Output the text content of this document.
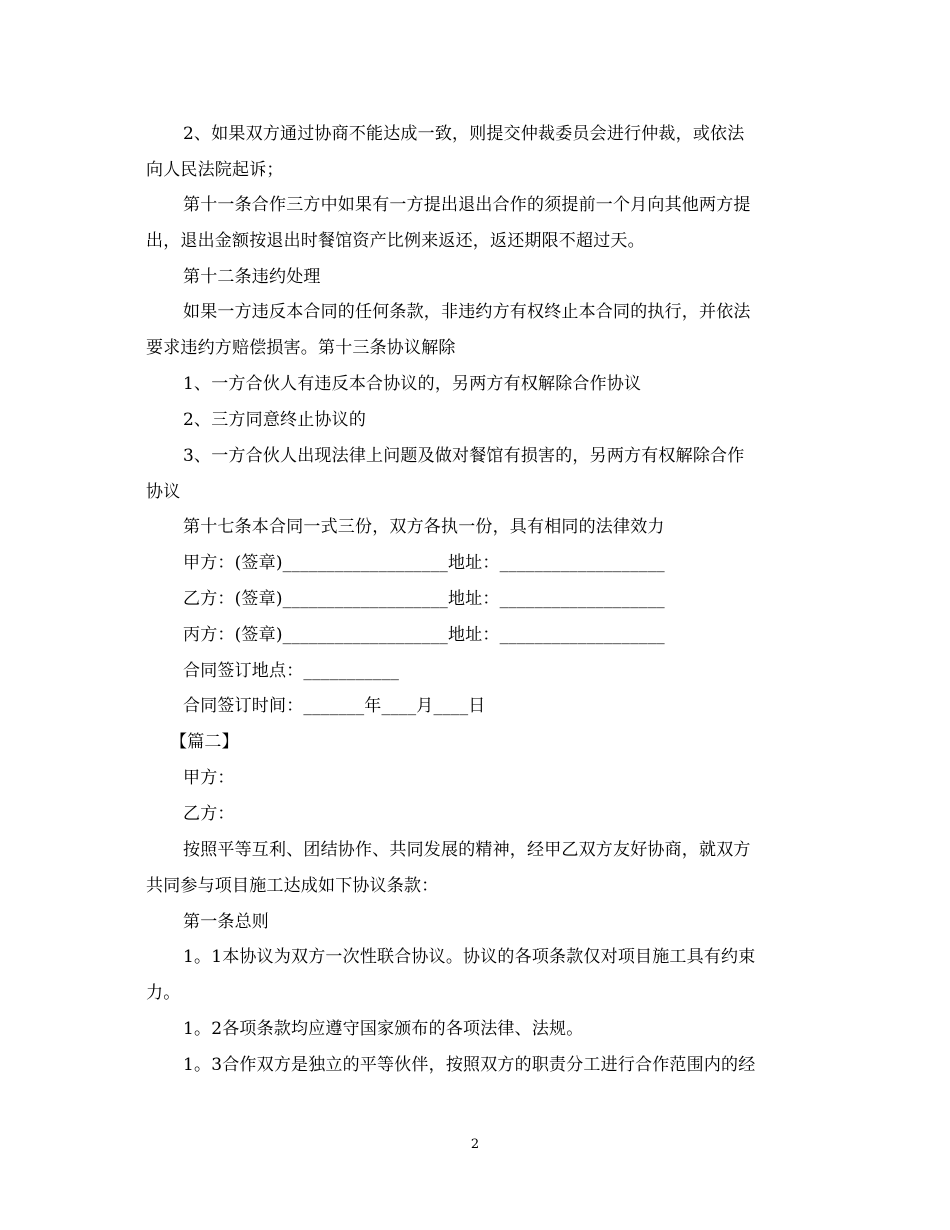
2、如果双方通过协商不能达成一致，则提交仲裁委员会进行仲裁，或依法
向人民法院起诉；
第十一条合作三方中如果有一方提出退出合作的须提前一个月向其他两方提
出，退出金额按退出时餐馆资产比例来返还，返还期限不超过天。
第十二条违约处理
如果一方违反本合同的任何条款，非违约方有权终止本合同的执行，并依法
要求违约方赔偿损害。第十三条协议解除
1、一方合伙人有违反本合协议的，另两方有权解除合作协议
2、三方同意终止协议的
3、一方合伙人出现法律上问题及做对餐馆有损害的，另两方有权解除合作
协议
第十七条本合同一式三份，双方各执一份，具有相同的法律效力
甲方：(签章)___________________地址：___________________
乙方：(签章)___________________地址：___________________
丙方：(签章)___________________地址：___________________
合同签订地点：___________
合同签订时间：_______年____月____日
【篇二】
甲方：
乙方：
按照平等互利、团结协作、共同发展的精神，经甲乙双方友好协商，就双方
共同参与项目施工达成如下协议条款：
第一条总则
1。1本协议为双方一次性联合协议。协议的各项条款仅对项目施工具有约束
力。
1。2各项条款均应遵守国家颁布的各项法律、法规。
1。3合作双方是独立的平等伙伴，按照双方的职责分工进行合作范围内的经
2
